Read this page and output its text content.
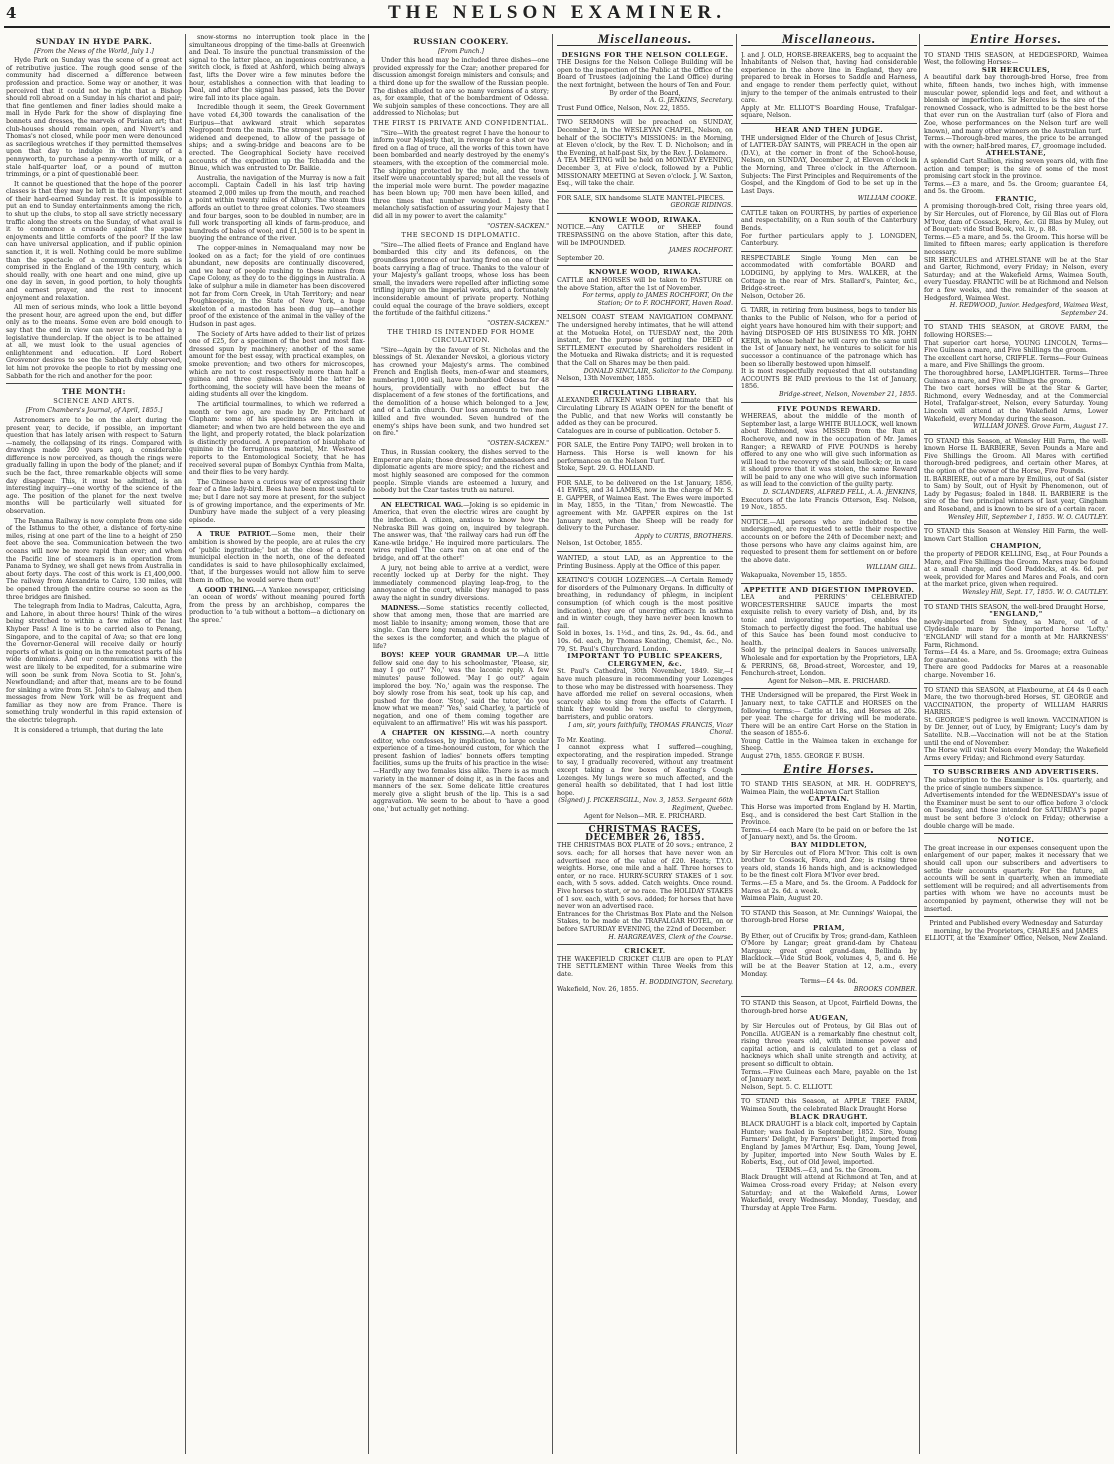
4	THE NELSON EXAMINER.
SUNDAY IN HYDE PARK.
[From the News of the World, July 1.]

Hyde Park on Sunday was the scene of a great act of retributive justice. The rough good sense of the community had discerned a difference between profession and practice. Some way or another, it was perceived that it could not be right that a Bishop should roll abroad on a Sunday in his chariot and pair; that fine gentlemen and finer ladies should make a mall in Hyde Park for the show of displaying fine bonnets and dresses, the marvels of Parisian art; that club-houses should remain open, and Nivert's and Thomas's not closed, while poor men were denounced as sacrilegious wretches if they permitted themselves upon that day to indulge in the luxury of a pennyworth, to purchase a penny-worth of milk, or a stale half-quarter loaf, or a pound of mutton trimmings, or a pint of questionable beer.

It cannot be questioned that the hope of the poorer classes is that they may be left in the quiet enjoyment of their hard-earned Sunday rest. It is impossible to put an end to Sunday entertainments among the rich, to shut up the clubs, to stop all save strictly necessary traffic along the streets on the Sunday, of what avail is it to commence a crusade against the sparse enjoyments and little comforts of the poor? If the law can have universal application, and if public opinion sanction it, it is well. Nothing could be more sublime than the spectacle of a community such as is comprised in the England of the 19th century, which should really, with one heart and one mind, give up one day in seven, in good portion, to holy thoughts and earnest prayer, and the rest to innocent enjoyment and relaxation.

All men of serious minds, who look a little beyond the present hour, are agreed upon the end, but differ only as to the means. Some even are bold enough to say that the end in view can never be reached by a legislative thunderclap. If the object is to be attained at all, we must look to the usual agencies of enlightenment and education. If Lord Robert Grosvenor desires to see the Sabbath duly observed, let him not provoke the people to riot by messing one Sabbath for the rich and another for the poor.

THE MONTH:
SCIENCE AND ARTS.
[From Chambers's Journal, of April, 1855.]

Astronomers are to be on the alert during the present year, to decide, if possible, an important question that has lately arisen with respect to Saturn—namely, the collapsing of its rings. Compared with drawings made 200 years ago, a considerable difference is now perceived, as though the rings were gradually falling in upon the body of the planet; and if such be the fact, three remarkable objects will some day disappear. This, it must be admitted, is an interesting inquiry—one worthy of the science of the age. The position of the planet for the next twelve months will be particularly well situated for observation.

The Panama Railway is now complete from one side of the Isthmus to the other, a distance of forty-nine miles, rising at one part of the line to a height of 250 feet above the sea. Communication between the two oceans will now be more rapid than ever; and when the Pacific line of steamers is in operation from Panama to Sydney, we shall get news from Australia in about forty days. The cost of this work is £1,400,000. The railway from Alexandria to Cairo, 130 miles, will be opened through the entire course so soon as the three bridges are finished.

The telegraph from India to Madras, Calcutta, Agra, and Lahore, in about three hours! Think of the wires being stretched to within a few miles of the last Khyber Pass! A line is to be carried also to Penang, Singapore, and to the capital of Ava; so that ere long the Governor-General will receive daily or hourly reports of what is going on in the remotest parts of his wide dominions. And our communications with the west are likely to be expedited, for a submarine wire will soon be sunk from Nova Scotia to St. John's, Newfoundland; and after that, means are to be found for sinking a wire from St. John's to Galway, and then messages from New York will be as frequent and familiar as they now are from France. There is something truly wonderful in this rapid extension of the electric telegraph.

It is considered a triumph, that during the late

snow-storms no interruption took place in the simultaneous dropping of the time-balls at Greenwich and Deal. To insure the punctual transmission of the signal to the latter place, an ingenious contrivance, a switch clock, is fixed at Ashford, which being always fast, lifts the Dover wire a few minutes before the hour, establishes a connection with that leading to Deal, and after the signal has passed, lets the Dover wire fall into its place again.

Incredible though it seem, the Greek Government have voted £4,300 towards the canalisation of the Euripus—that awkward strait which separates Negropont from the main. The strongest part is to be widened and deepened, to allow of the passage of ships; and a swing-bridge and beacons are to be erected. The Geographical Society have received accounts of the expedition up the Tchadda and the Binue, which was entrusted to Dr. Baikie.

Australia, the navigation of the Murray is now a fait accompli. Captain Cadell in his last trip having steamed 2,000 miles up from the mouth, and reached a point within twenty miles of Albury. The steam thus affords an outlet to three great colonies. Two steamers and four barges, soon to be doubled in number, are in full work transporting all kinds of farm-produce, and hundreds of bales of wool; and £1,500 is to be spent in buoying the entrance of the river.

The copper-mines in Nemaqualand may now be looked on as a fact; for the yield of ore continues abundant, new deposits are continually discovered, and we hear of people rushing to these mines from Cape Colony, as they do to the diggings in Australia. A lake of sulphur a mile in diameter has been discovered not far from Corn Creek, in Utah Territory; and near Poughkeepsie, in the State of New York, a huge skeleton of a mastodon has been dug up—another proof of the existence of the animal in the valley of the Hudson in past ages.

The Society of Arts have added to their list of prizes one of £25, for a specimen of the best and most flax-dressed spun by machinery; another of the same amount for the best essay, with practical examples, on smoke prevention; and two others for microscopes, which are not to cost respectively more than half a guinea and three guineas. Should the latter be forthcoming, the society will have been the means of aiding students all over the kingdom.

The artificial tourmalines, to which we referred a month or two ago, are made by Dr. Pritchard of Clapham: some of his specimens are an inch in diameter; and when two are held between the eye and the light, and properly rotated, the black polarization is distinctly produced. A preparation of bisulphate of quinine in the ferruginous material, Mr. Westwood reports to the Entomological Society, that he has received several pupæ of Bombyx Cynthia from Malta, and their flies to be very hardy.

The Chinese have a curious way of expressing their fear of a fine lady-bird. Bees have been most useful to me; but I dare not say more at present, for the subject is of growing importance, and the experiments of Mr. Dunbury have made the subject of a very pleasing episode.

A TRUE PATRIOT.—Some men, their their ambition is showed by the people, are at rules the cry of 'public ingratitude;' but at the close of a recent municipal election in the north, one of the defeated candidates is said to have philosophically exclaimed, 'that, if the burgesses would not allow him to serve them in office, he would serve them out!'

A GOOD THING.—A Yankee newspaper, criticising 'an ocean of words' without meaning poured forth from the press by an archbishop, compares the production to 'a tub without a bottom—a dictionary on the spree.'

RUSSIAN COOKERY.
[From Punch.]

Under this head may be included three dishes—one provided expressly for the Czar; another prepared for discussion amongst foreign ministers and consuls; and a third done up for the swallow of the Russian people. The dishes alluded to are so many versions of a story; as, for example, that of the bombardment of Odessa. We subjoin samples of these concoctions. They are all addressed to Nicholas; but

THE FIRST IS PRIVATE AND CONFIDENTIAL.

"Sire—With the greatest regret I have the honour to inform your Majesty that, in revenge for a shot or two fired on a flag of truce, all the works of this town have been bombarded and nearly destroyed by the enemy's steamers, with the exception of the commercial mole. The shipping protected by the mole, and the town itself were unaccountably spared; but all the vessels of the imperial mole were burnt. The powder magazine has been blown up; 700 men have been killed, and three times that number wounded. I have the melancholy satisfaction of assuring your Majesty that I did all in my power to avert the calamity."

"OSTEN-SACKEN."
THE SECOND IS DIPLOMATIC.

"Sire—The allied fleets of France and England have bombarded this city and its defences, on the groundless pretence of our having fired on one of their boats carrying a flag of truce. Thanks to the valour of your Majesty's gallant troops, whose loss has been small, the invaders were repelled after inflicting some trifling injury on the imperial works, and a fortunately inconsiderable amount of private property. Nothing could equal the courage of the brave soldiers, except the fortitude of the faithful citizens."

"OSTEN-SACKEN."
THE THIRD IS INTENDED FOR HOME CIRCULATION.

"Sire—Again by the favour of St. Nicholas and the blessings of St. Alexander Nevskoi, a glorious victory has crowned your Majesty's arms. The combined French and English fleets, men-of-war and steamers, numbering 1,000 sail, have bombarded Odessa for 48 hours, providentially with no effect but the displacement of a few stones of the fortifications, and the demolition of a house which belonged to a Jew, and of a Latin church. Our loss amounts to two men killed and five wounded. Seven hundred of the enemy's ships have been sunk, and two hundred set on fire."

"OSTEN-SACKEN."

Thus, in Russian cookery, the dishes served to the Emperor are plain; those dressed for ambassadors and diplomatic agents are more spicy; and the richest and most highly seasoned are composed for the common people. Simple viands are esteemed a luxury, and nobody but the Czar tastes truth au naturel.

AN ELECTRICAL WAG.—Joking is so epidemic in America, that even the electric wires are caught by the infection. A citizen, anxious to know how the Nebraska Bill was going on, inquired by telegraph. The answer was, that 'the railway cars had run off the Kane-wile bridge.' He inquired more particulars. The wires replied 'The cars ran on at one end of the bridge, and off at the other!'

A jury, not being able to arrive at a verdict, were recently locked up at Derby for the night. They immediately commenced playing leap-frog, to the annoyance of the court, while they managed to pass away the night in sundry diversions.

MADNESS.—Some statistics recently collected, show that among men, those that are married are most liable to insanity; among women, those that are single. Can there long remain a doubt as to which of the sexes is the comforter, and which the plague of life?

BOYS! KEEP YOUR GRAMMAR UP.—A little fellow said one day to his schoolmaster, 'Please, sir, may I go out?' 'No,' was the laconic reply. A few minutes' pause followed. 'May I go out?' again implored the boy. 'No,' again was the response. The boy slowly rose from his seat, took up his cap, and pushed for the door. 'Stop,' said the tutor, 'do you know what we mean?' 'Yes,' said Charley, 'a particle of negation, and one of them coming together are equivalent to an affirmative!' His wit was his passport.

A CHAPTER ON KISSING.—A north country editor, who confesses, by implication, to large ocular experience of a time-honoured custom, for which the present fashion of ladies' bonnets offers tempting facilities, sums up the fruits of his practice in the wise:—Hardly any two females kiss alike. There is as much variety in the manner of doing it, as in the faces and manners of the sex. Some delicate little creatures merely give a slight brush of the lip. This is a sad aggravation. We seem to be about to 'have a good one,' but actually get nothing.

Miscellaneous.
DESIGNS FOR THE NELSON COLLEGE.
THE Designs for the Nelson College Building will be open to the inspection of the Public at the Office of the Board of Trustees (adjoining the Land Office) during the next fortnight, between the hours of Ten and Four.
By order of the Board,
A. G. JENKINS, Secretary.
Trust Fund Office, Nelson, Nov. 22, 1855.
TWO SERMONS will be preached on SUNDAY, December 2, in the WESLEYAN CHAPEL, Nelson, on behalf of the SOCIETY's MISSIONS: in the Morning, at Eleven o'clock, by the Rev. T. D. Nicholson; and in the Evening, at half-past Six, by the Rev. J. Dolamore.
A TEA MEETING will be held on MONDAY EVENING, December 3, at Five o'clock, followed by a Public MISSIONARY MEETING at Seven o'clock. J. W. Saxton, Esq., will take the chair.
FOR SALE, SIX handsome SLATE MANTEL-PIECES.
GEORGE RIDINGS.
KNOWLE WOOD, RIWAKA.
NOTICE.—Any CATTLE or SHEEP found TRESPASSING on the above Station, after this date, will be IMPOUNDED.
JAMES ROCHFORT.
September 20.
KNOWLE WOOD, RIWAKA.
CATTLE and HORSES will be taken to PASTURE on the above Station, after the 1st of November.
For terms, apply to JAMES ROCHFORT, On the Station; Or to F. ROCHFORT, Haven Road.
NELSON COAST STEAM NAVIGATION COMPANY. The undersigned hereby intimates, that he will attend at the Motueka Hotel, on TUESDAY next, the 20th instant, for the purpose of getting the DEED of SETTLEMENT executed by Shareholders resident in the Motueka and Riwaka districts; and it is requested that the Call on Shares may be then paid.
DONALD SINCLAIR, Solicitor to the Company.
Nelson, 13th November, 1855.
CIRCULATING LIBRARY.
ALEXANDER AITKEN wishes to intimate that his Circulating Library IS AGAIN OPEN for the benefit of the Public, and that new Works will constantly be added as they can be procured.
Catalogues are in course of publication. October 5.
FOR SALE, the Entire Pony TAIPO; well broken in to Harness. This Horse is well known for his performances on the Nelson Turf.
Stoke, Sept. 29. G. HOLLAND.
FOR SALE, to be delivered on the 1st January, 1856, 41 EWES, and 34 LAMBS, now in the charge of Mr. S. E. GAPPER, of Waimea East. The Ewes were imported in May, 1855, in the 'Titan,' from Newcastle. The agreement with Mr. GAPPER expires on the 1st January next, when the Sheep will be ready for delivery to the Purchaser.
Apply to CURTIS, BROTHERS.
Nelson, 1st October, 1855.
WANTED, a stout LAD, as an Apprentice to the Printing Business. Apply at the Office of this paper.
KEATING'S COUGH LOZENGES.—A Certain Remedy for disorders of the Pulmonary Organs. In difficulty of breathing, in redundancy of phlegm, in incipient consumption (of which cough is the most positive indication), they are of unerring efficacy. In asthma and in winter cough, they have never been known to fail.
Sold in boxes, 1s. 1½d., and tins, 2s. 9d., 4s. 6d., and 10s. 6d. each, by Thomas Keating, Chemist, &c., No. 79, St. Paul's Churchyard, London.
IMPORTANT TO PUBLIC SPEAKERS, CLERGYMEN, &c.
St. Paul's Cathedral, 30th November, 1849. Sir,—I have much pleasure in recommending your Lozenges to those who may be distressed with hoarseness. They have afforded me relief on several occasions, when scarcely able to sing from the effects of Catarrh. I think they would be very useful to clergymen, barristers, and public orators.
I am, sir, yours faithfully, THOMAS FRANCIS, Vicar Choral.
To Mr. Keating.
I cannot express what I suffered—coughing, expectorating, and the respiration impeded. Strange to say, I gradually recovered, without any treatment except taking a few boxes of Keating's Cough Lozenges. My lungs were so much affected, and the general health so debilitated, that I had lost little hope.
(Signed) J. PICKERSGILL, Nov. 3, 1853. Sergeant 66th Regiment, Quebec.
Agent for Nelson—MR. E. PRICHARD.
CHRISTMAS RACES, DECEMBER 26, 1855.
THE CHRISTMAS BOX PLATE of 20 sovs.; entrance, 2 sovs. each; for all horses that have never won an advertised race of the value of £20. Heats; T.Y.O. weights. Horse, one mile and a half. Three horses to enter, or no race. HURRY-SCURRY STAKES of 1 sov. each, with 5 sovs. added. Catch weights. Once round. Five horses to start, or no race. The HOLIDAY STAKES of 1 sov. each, with 5 sovs. added; for horses that have never won an advertised race.
Entrances for the Christmas Box Plate and the Nelson Stakes, to be made at the TRAFALGAR HOTEL, on or before SATURDAY EVENING, the 22nd of December.
H. HARGREAVES, Clerk of the Course.
CRICKET.
THE WAKEFIELD CRICKET CLUB are open to PLAY THE SETTLEMENT within Three Weeks from this date.
H. BODDINGTON, Secretary.
Wakefield, Nov. 26, 1855.
Miscellaneous.
J. and J. OLD, HORSE-BREAKERS, beg to acquaint the Inhabitants of Nelson that, having had considerable experience in the above line in England, they are prepared to break in Horses to Saddle and Harness, and engage to render them perfectly quiet, without injury to the temper of the animals entrusted to their care.
Apply at Mr. ELLIOT'S Boarding House, Trafalgar-square, Nelson.
HEAR AND THEN JUDGE.
THE undersigned Elder of the Church of Jesus Christ, of LATTER-DAY SAINTS, will PREACH in the open air (D.V.), at the corner in front of the School-house, Nelson, on SUNDAY, December 2, at Eleven o'clock in the Morning, and Three o'clock in the Afternoon. Subjects: The First Principles and Requirements of the Gospel, and the Kingdom of God to be set up in the Last Days.
WILLIAM COOKE.
CATTLE taken on FOURTHS, by parties of experience and respectability, on a Run south of the Canterbury Bends.
For further particulars apply to J. LONGDEN, Canterbury.
RESPECTABLE Single Young Men can be accommodated with comfortable BOARD and LODGING, by applying to Mrs. WALKER, at the Cottage in the rear of Mrs. Stallard's, Painter, &c., Bridge-street.
Nelson, October 26.
G. TARR, in retiring from business, begs to tender his thanks to the Public of Nelson, who for a period of eight years have honoured him with their support; and having DISPOSED OF HIS BUSINESS TO MR. JOHN KERR, in whose behalf he will carry on the same until the 1st of January next, he ventures to solicit for his successor a continuance of the patronage which has been so liberally bestowed upon himself.
It is most respectfully requested that all outstanding ACCOUNTS BE PAID previous to the 1st of January, 1856.
Bridge-street, Nelson, November 21, 1855.
FIVE POUNDS REWARD.
WHEREAS, about the middle of the month of September last, a large WHITE BULLOCK, well known about Richmond, was MISSED from the Run at Rocherove, and now in the occupation of Mr. James Ranger; a REWARD of FIVE POUNDS is hereby offered to any one who will give such information as will lead to the recovery of the said bullock; or, in case it should prove that it was stolen, the same Reward will be paid to any one who will give such information as will lead to the conviction of the guilty party.
D. SCLANDERS, ALFRED FELL, A. A. JENKINS,
Executors of the late Francis Otterson, Esq. Nelson, 19 Nov., 1855.
NOTICE.—All persons who are indebted to the undersigned, are requested to settle their respective accounts on or before the 24th of December next; and those persons who have any claims against him, are requested to present them for settlement on or before the above date.
WILLIAM GILL.
Wakapuaka, November 15, 1855.
APPETITE AND DIGESTION IMPROVED.
LEA and PERRINS' CELEBRATED WORCESTERSHIRE SAUCE imparts the most exquisite relish to every variety of Dish, and, by its tonic and invigorating properties, enables the Stomach to perfectly digest the food. The habitual use of this Sauce has been found most conducive to health.
Sold by the principal dealers in Sauces universally. Wholesale and for exportation by the Proprietors, LEA & PERRINS, 68, Broad-street, Worcester, and 19, Fenchurch-street, London.
Agent for Nelson—MR. E. PRICHARD.
THE Undersigned will be prepared, the First Week in January next, to take CATTLE and HORSES on the following terms:— Cattle at 18s., and Horses at 20s. per year. The charge for driving will be moderate. There will be an entire Cart Horse on the Station in the season of 1855-6.
Young Cattle in the Waimea taken in exchange for Sheep.
August 27th, 1855. GEORGE F. BUSH.
Entire Horses.
TO STAND THIS SEASON, at MR. H. GODFREY'S, Waimea Plain, the well-known Cart Stallion
CAPTAIN.
This Horse was imported from England by H. Martin, Esq., and is considered the best Cart Stallion in the Province.
Terms.—£4 each Mare (to be paid on or before the 1st of January next), and 5s. the Groom.
BAY MIDDLETON,
by Sir Hercules out of Flora M'Ivor. This colt is own brother to Cossack, Flora, and Zoe; is rising three years old, stands 16 hands high, and is acknowledged to be the finest colt Flora M'Ivor ever bred.
Terms.—£5 a Mare, and 5s. the Groom. A Paddock for Mares at 2s. 6d. a week.
Waimea Plain, August 20.
TO STAND this Season, at Mr. Cunnings' Waiopai, the thorough-bred Horse
PRIAM,
By Ether, out of Crucifix by Tros; grand-dam, Kathleen O'More by Langar; great grand-dam by Chateau Margaux; great great grand-dam, Bellinda by Blacklock.—Vide Stud Book, volumes 4, 5, and 6. He will be at the Beaver Station at 12, a.m., every Monday.
Terms—£4 4s. 0d.
BROOKS COMBER.
TO STAND this Season, at Upcot, Fairfield Downs, the thorough-bred horse
AUGEAN,
by Sir Hercules out of Proteus, by Gil Blas out of Poncilla. AUGEAN is a remarkably fine chestnut colt, rising three years old, with immense power and capital action, and is calculated to get a class of hackneys which shall unite strength and activity, at present so difficult to obtain.
Terms.—Five Guineas each Mare, payable on the 1st of January next.
Nelson, Sept. 5. C. ELLIOTT.
TO STAND this Season, at APPLE TREE FARM, Waimea South, the celebrated Black Draught Horse
BLACK DRAUGHT.
BLACK DRAUGHT is a black colt, imported by Captain Hunter; was foaled in September, 1852. Sire, Young Farmers' Delight, by Farmers' Delight, imported from England by James M'Arthur, Esq. Dam, Young Jewel, by Jupiter, imported into New South Wales by E. Roberts, Esq., out of Old Jewel, imported.
TERMS.—£3, and 5s. the Groom.
Black Draught will attend at Richmond at Ten, and at Waimea Cross-road every Friday; at Nelson every Saturday; and at the Wakefield Arms, Lower Wakefield, every Wednesday. Monday, Tuesday, and Thursday at Apple Tree Farm.
Entire Horses.
TO STAND THIS SEASON, at HEDGESFORD, Waimea West, the following Horses:—
SIR HERCULES,
A beautiful dark bay thorough-bred Horse, free from white, fifteen hands, two inches high, with immense muscular power, splendid legs and feet, and without a blemish or imperfection. Sir Hercules is the sire of the renowned Cossack, who is admitted to be the best horse that ever run on the Australian turf (also of Flora and Zoe, whose performances on the Nelson turf are well known), and many other winners on the Australian turf.
Terms.—Thorough-bred mares, the price to be arranged with the owner; half-bred mares, £7, groomage included.
ATHELSTANE,
A splendid Cart Stallion, rising seven years old, with fine action and temper; is the sire of some of the most promising cart stock in the province.
Terms.—£3 a mare, and 5s. the Groom; guarantee £4, and 5s. the Groom.
FRANTIC,
A promising thorough-bred Colt, rising three years old, by Sir Hercules, out of Florence, by Gil Blas out of Flora M'Ivor, dam of Cossack, Hero, &c. Gil Blas by Muley, out of Bouquet: vide Stud Book, vol. iv., p. 88.
Terms.—£5 a mare, and 5s. the Groom. This horse will be limited to fifteen mares; early application is therefore necessary.
SIR HERCULES and ATHELSTANE will be at the Star and Garter, Richmond, every Friday; in Nelson, every Saturday; and at the Wakefield Arms, Waimea South, every Tuesday. FRANTIC will be at Richmond and Nelson for a few weeks, and the remainder of the season at Hedgesford, Waimea West.
H. REDWOOD, Junior. Hedgesford, Waimea West, September 24.
TO STAND THIS SEASON, at GROVE FARM, the following HORSES:—
That superior cart horse, YOUNG LINCOLN, Terms—Five Guineas a mare, and Five Shillings the groom.
The excellent cart horse, CRIFFLE. Terms—Four Guineas a mare, and Five Shillings the groom.
The thoroughbred horse, LAMPLIGHTER. Terms—Three Guineas a mare, and Five Shillings the groom.
The two cart horses will be at the Star & Garter, Richmond, every Wednesday, and at the Commercial Hotel, Trafalgar-street, Nelson, every Saturday. Young Lincoln will attend at the Wakefield Arms, Lower Wakefield, every Monday during the season.
WILLIAM JONES. Grove Farm, August 17.
TO STAND this Season, at Wensley Hill Farm, the well-known Horse IL BARBIERE, Seven Pounds a Mare and Five Shillings the Groom. All Mares with certified thorough-bred pedigrees, and certain other Mares, at the option of the owner of the Horse, Five Pounds.
IL BARBIERE, out of a mare by Emilius, out of Sal (sister to Sam) by Soult, out of Hysit by Phenomenon, out of Lady by Pegasus; foaled in 1848. IL BARBIERE is the sire of the two principal winners of last year, Gingham and Roseband, and is known to be sire of a certain racer.
Wensley Hill, September 1, 1855. W. O. CAUTLEY.
TO STAND this Season at Wensley Hill Farm, the well-known Cart Stallion
CHAMPION,
the property of PEDOR KELLING, Esq., at Four Pounds a Mare, and Five Shillings the Groom. Mares may be found at a small charge, and Good Paddocks, at 4s. 6d. per week, provided for Mares and Mares and Foals, and corn at the market price, given when required.
Wensley Hill, Sept. 17, 1855. W. O. CAUTLEY.
TO STAND THIS SEASON, the well-bred Draught Horse,
"ENGLAND,"
newly-imported from Sydney, sa Mare, out of a Clydesdale mare by the imported horse 'Lofty.' 'ENGLAND' will stand for a month at Mr. HARKNESS' Farm, Richmond.
Terms—£4 4s. a Mare, and 5s. Groomage; extra Guineas for guarantee.
There are good Paddocks for Mares at a reasonable charge. November 16.
TO STAND this SEASON, at Flaxbourne, at £4 4s 0 each Mare, the two thorough-bred Horses, ST. GEORGE and VACCINATION, the property of WILLIAM HARRIS HARRIS.
St. GEORGE'S pedigree is well known. VACCINATION is by Dr. Jenner, out of Lucy, by Emigrant; Lucy's dam by Satellite. N.B.—Vaccination will not be at the Station until the end of November.
The Horse will visit Nelson every Monday; the Wakefield Arms every Friday; and Richmond every Saturday.
TO SUBSCRIBERS AND ADVERTISERS.
The subscription to the Examiner is 10s. quarterly, and the price of single numbers sixpence.
Advertisements intended for the WEDNESDAY's issue of the Examiner must be sent to our office before 3 o'clock on Tuesday, and those intended for SATURDAY's paper must be sent before 3 o'clock on Friday; otherwise a double charge will be made.
NOTICE.
The great increase in our expenses consequent upon the enlargement of our paper, makes it necessary that we should call upon our subscribers and advertisers to settle their accounts quarterly. For the future, all accounts will be sent in quarterly, when an immediate settlement will be required; and all advertisements from parties with whom we have no accounts must be accompanied by payment, otherwise they will not be inserted.
Printed and Published every Wednesday and Saturday morning, by the Proprietors, CHARLES and JAMES ELLIOTT, at the 'Examiner' Office, Nelson, New Zealand.
